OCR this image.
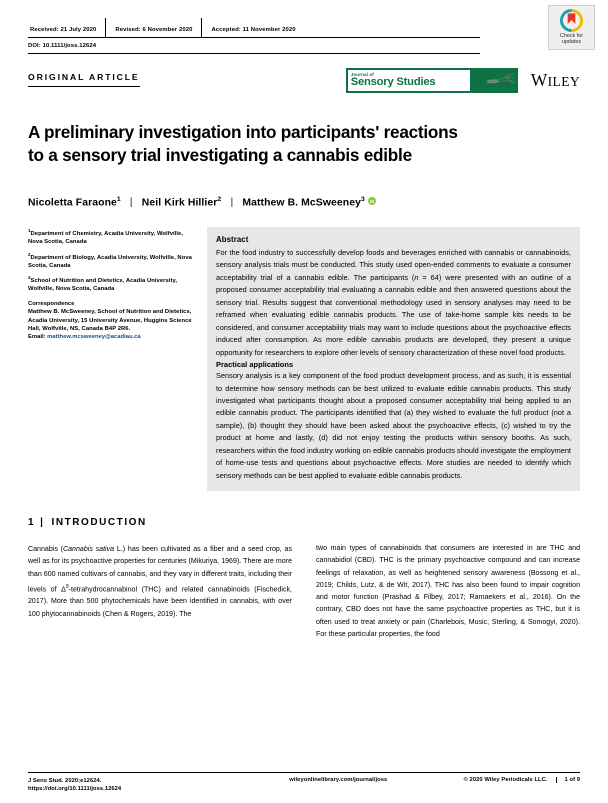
Check for
updates
Received: 21 July 2020	Revised: 6 November 2020	Accepted: 11 November 2020
DOI: 10.1111/joss.12624
ORIGINAL ARTICLE	Journal of
Sensory Studies	WILEY
A preliminary investigation into participants' reactions
to a sensory trial investigating a cannabis edible
Nicoletta Faraone$^1$ | Neil Kirk Hillier$^2$ | Matthew B. McSweeney$^3$ iD
$^1$Department of Chemistry, Acadia University, Wolfville, Nova Scotia, Canada
$^2$Department of Biology, Acadia University, Wolfville, Nova Scotia, Canada
$^3$School of Nutrition and Dietetics, Acadia University, Wolfville, Nova Scotia, Canada
Correspondence
Matthew B. McSweeney, School of Nutrition and Dietetics, Acadia University, 15 University Avenue, Huggins Science Hall, Wolfville, NS, Canada B4P 2R6.
Email: matthew.mcsweeney@acadiau.ca
Abstract

For the food industry to successfully develop foods and beverages enriched with cannabis or cannabinoids, sensory analysis trials must be conducted. This study used open-ended comments to evaluate a consumer acceptability trial of a cannabis edible. The participants (n = 64) were presented with an outline of a proposed consumer acceptability trial evaluating a cannabis edible and then answered questions about the sensory trial. Results suggest that conventional methodology used in sensory analyses may need to be reframed when evaluating edible cannabis products. The use of take-home sample kits needs to be considered, and consumer acceptability trials may want to include questions about the psychoactive effects induced after consumption. As more edible cannabis products are developed, they present a unique opportunity for researchers to explore other levels of sensory characterization of these novel food products.

Practical applications

Sensory analysis is a key component of the food product development process, and as such, it is essential to determine how sensory methods can be best utilized to evaluate edible cannabis products. This study investigated what participants thought about a proposed consumer acceptability trial being applied to an edible cannabis product. The participants identified that (a) they wished to evaluate the full product (not a sample), (b) thought they should have been asked about the psychoactive effects, (c) wished to try the product at home and lastly, (d) did not enjoy testing the products within sensory booths. As such, researchers within the food industry working on edible cannabis products should investigate the employment of home-use tests and questions about psychoactive effects. More studies are needed to identify which sensory methods can be best applied to evaluate edible cannabis products.

1 | INTRODUCTION

Cannabis (Cannabis sativa L.) has been cultivated as a fiber and a seed crop, as well as for its psychoactive properties for centuries (Mikuriya, 1969). There are more than 600 named cultivars of cannabis, and they vary in different traits, including their levels of $\Delta^9$-tetrahydrocannabinol (THC) and related cannabinoids (Fischedick, 2017). More than 500 phytochemicals have been identified in cannabis, with over 100 phytocannabinoids (Chen & Rogers, 2019). The

two main types of cannabinoids that consumers are interested in are THC and cannabidiol (CBD). THC is the primary psychoactive compound and can increase feelings of relaxation, as well as heightened sensory awareness (Bossong et al., 2019; Childs, Lutz, & de Wit, 2017). THC has also been found to impair cognition and motor function (Prashad & Filbey, 2017; Ramaekers et al., 2016). On the contrary, CBD does not have the same psychoactive properties as THC, but it is often used to treat anxiety or pain (Charlebois, Music, Sterling, & Somogyi, 2020). For these particular properties, the food

J Sens Stud. 2020;e12624.
https://doi.org/10.1111/joss.12624
wileyonlinelibrary.com/journal/joss	© 2020 Wiley Periodicals LLC.	1 of 9
